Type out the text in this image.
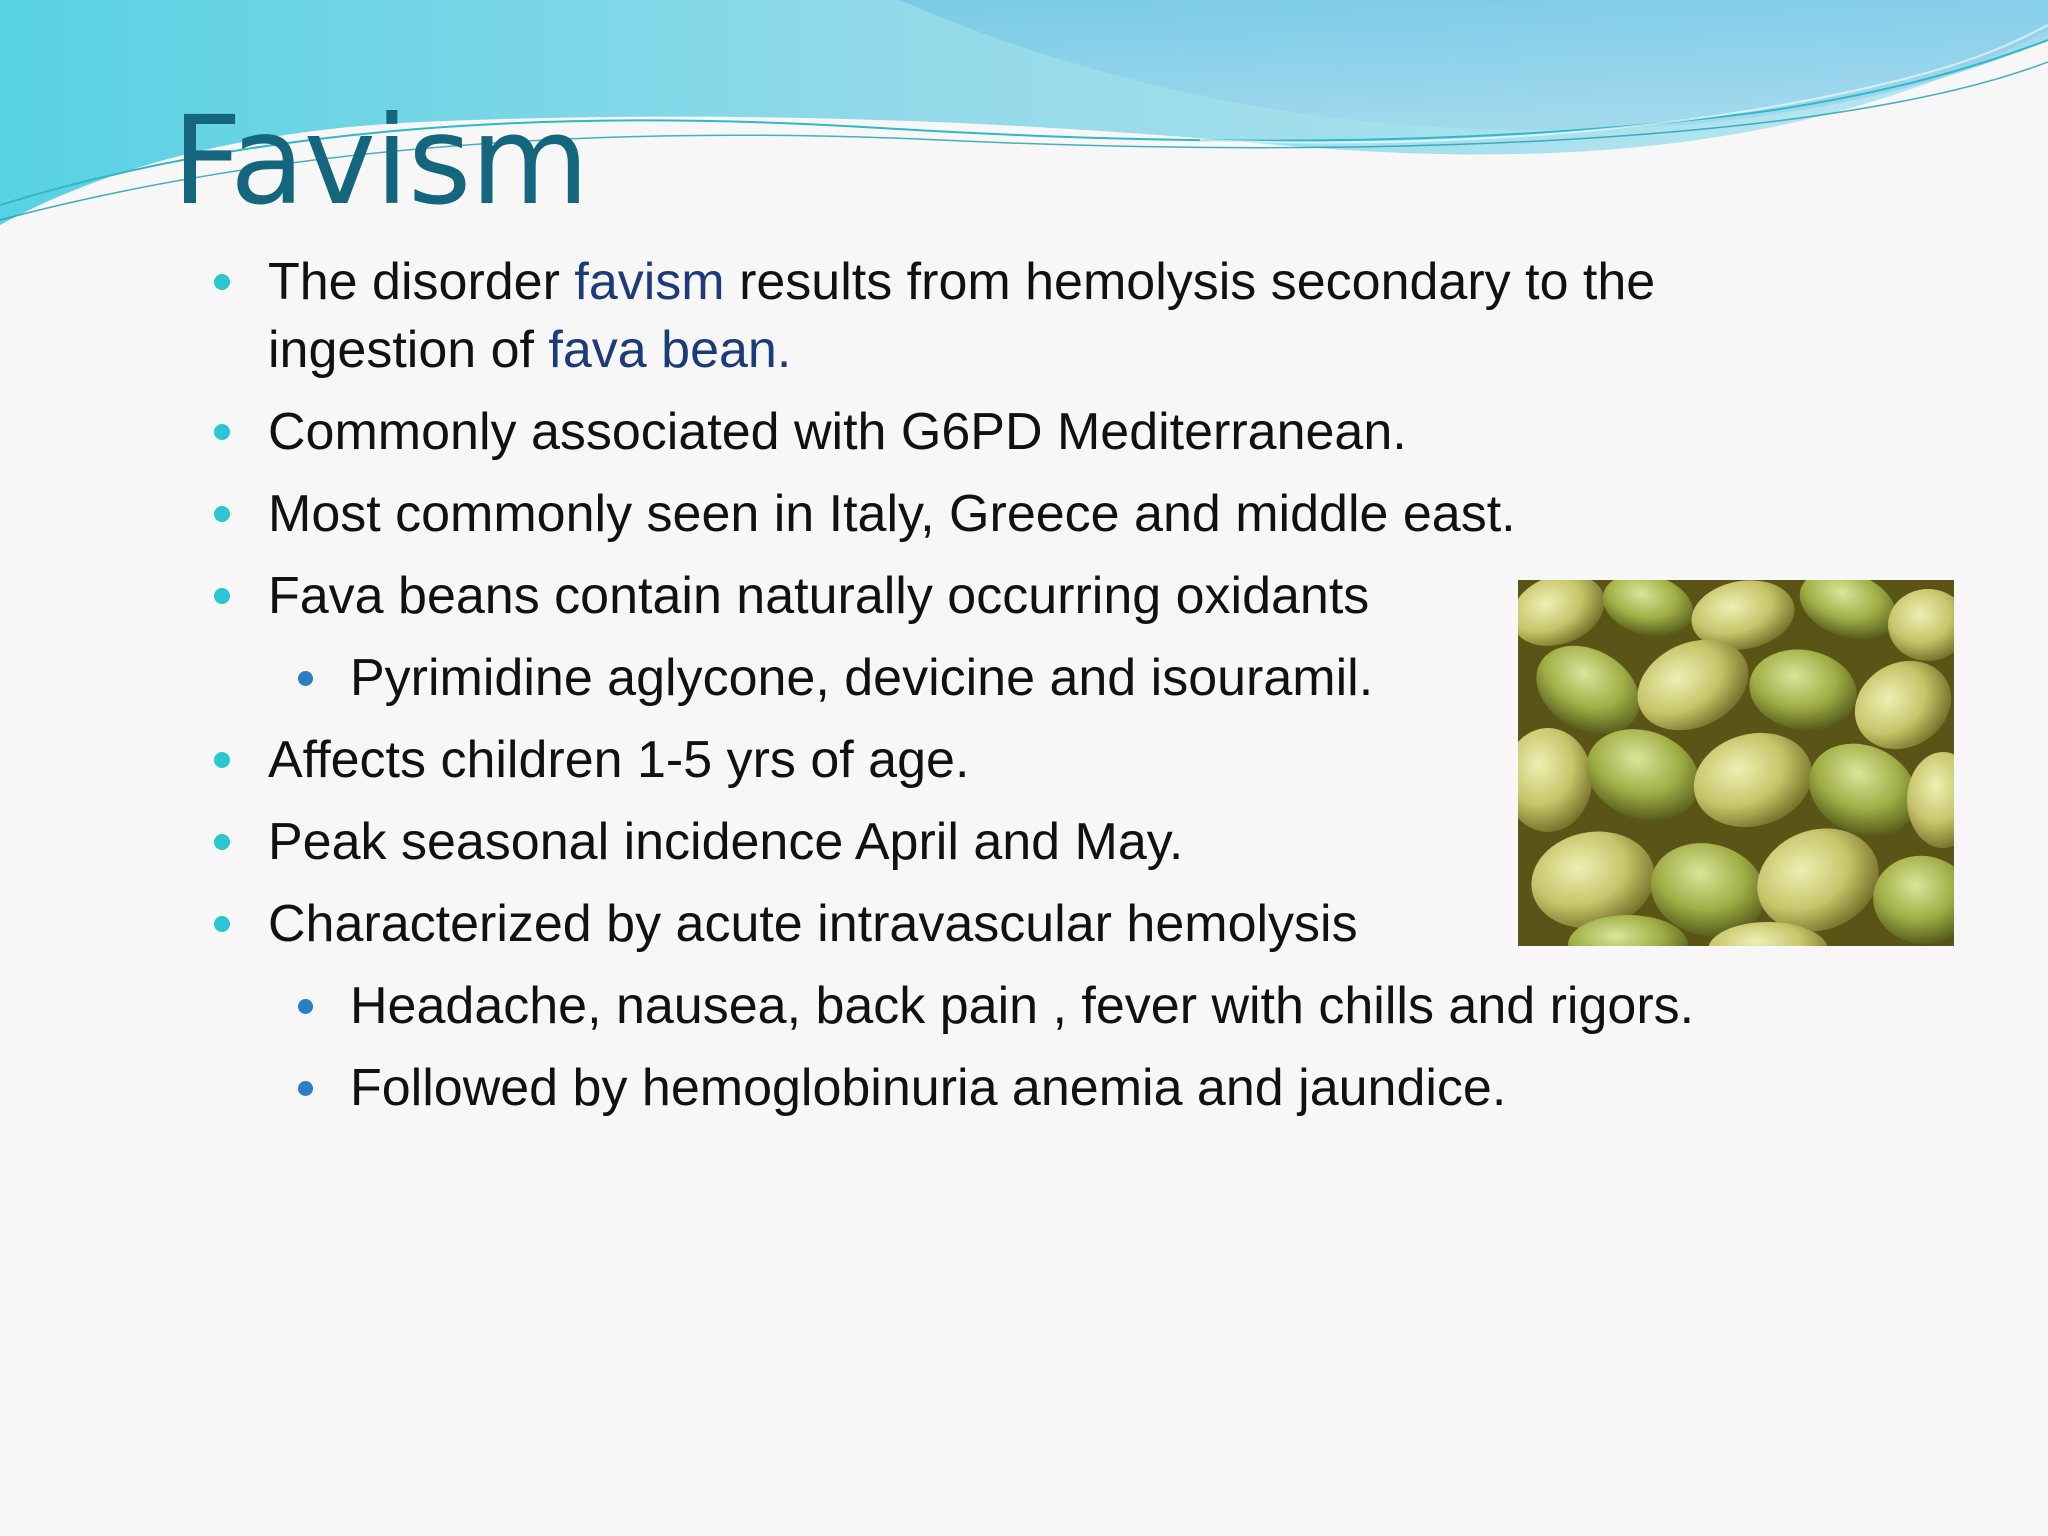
Favism
The disorder favism results from hemolysis secondary to the
ingestion of fava bean.
Commonly associated with G6PD Mediterranean.
Most commonly seen in Italy, Greece and middle east.
Fava beans contain naturally occurring oxidants
Pyrimidine aglycone, devicine and isouramil.
Affects children 1-5 yrs of age.
Peak seasonal incidence April and May.
Characterized by acute intravascular hemolysis
Headache, nausea, back pain , fever with chills and rigors.
Followed by hemoglobinuria anemia and jaundice.
